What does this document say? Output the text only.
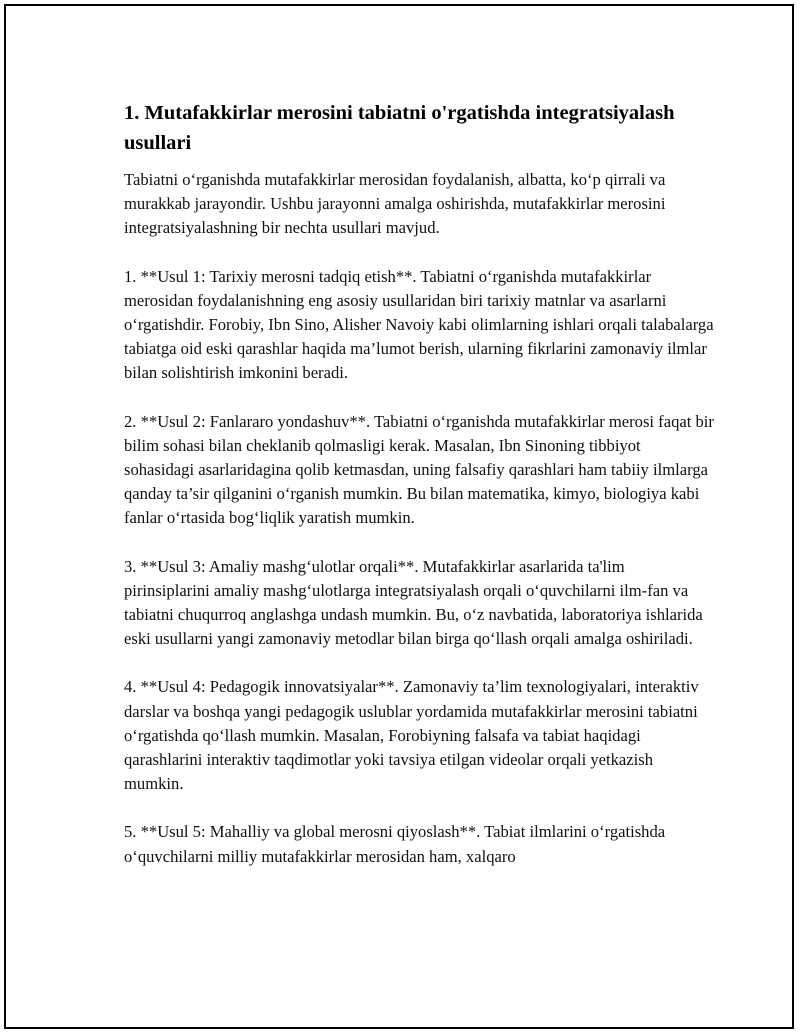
1. Mutafakkirlar merosini tabiatni o'rgatishda integratsiyalash usullari

Tabiatni o‘rganishda mutafakkirlar merosidan foydalanish, albatta, ko‘p qirrali va murakkab jarayondir. Ushbu jarayonni amalga oshirishda, mutafakkirlar merosini integratsiyalashning bir nechta usullari mavjud.

1. **Usul 1: Tarixiy merosni tadqiq etish**. Tabiatni o‘rganishda mutafakkirlar merosidan foydalanishning eng asosiy usullaridan biri tarixiy matnlar va asarlarni o‘rgatishdir. Forobiy, Ibn Sino, Alisher Navoiy kabi olimlarning ishlari orqali talabalarga tabiatga oid eski qarashlar haqida ma’lumot berish, ularning fikrlarini zamonaviy ilmlar bilan solishtirish imkonini beradi.

2. **Usul 2: Fanlararo yondashuv**. Tabiatni o‘rganishda mutafakkirlar merosi faqat bir bilim sohasi bilan cheklanib qolmasligi kerak. Masalan, Ibn Sinoning tibbiyot sohasidagi asarlaridagina qolib ketmasdan, uning falsafiy qarashlari ham tabiiy ilmlarga qanday ta’sir qilganini o‘rganish mumkin. Bu bilan matematika, kimyo, biologiya kabi fanlar o‘rtasida bog‘liqlik yaratish mumkin.

3. **Usul 3: Amaliy mashg‘ulotlar orqali**. Mutafakkirlar asarlarida ta'lim pirinsiplarini amaliy mashg‘ulotlarga integratsiyalash orqali o‘quvchilarni ilm-fan va tabiatni chuqurroq anglashga undash mumkin. Bu, o‘z navbatida, laboratoriya ishlarida eski usullarni yangi zamonaviy metodlar bilan birga qo‘llash orqali amalga oshiriladi.

4. **Usul 4: Pedagogik innovatsiyalar**. Zamonaviy ta’lim texnologiyalari, interaktiv darslar va boshqa yangi pedagogik uslublar yordamida mutafakkirlar merosini tabiatni o‘rgatishda qo‘llash mumkin. Masalan, Forobiyning falsafa va tabiat haqidagi qarashlarini interaktiv taqdimotlar yoki tavsiya etilgan videolar orqali yetkazish mumkin.

5. **Usul 5: Mahalliy va global merosni qiyoslash**. Tabiat ilmlarini o‘rgatishda o‘quvchilarni milliy mutafakkirlar merosidan ham, xalqaro
